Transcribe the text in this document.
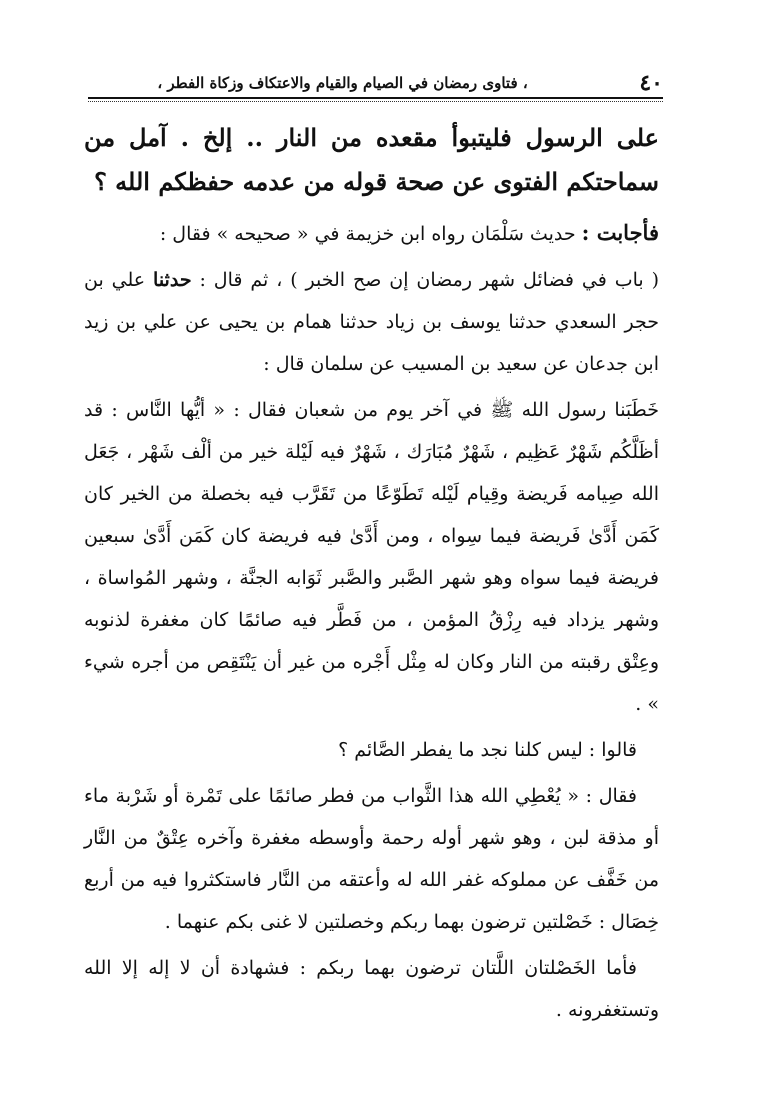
٤٠
، فتاوى رمضان في الصيام والقيام والاعتكاف وزكاة الفطر ،

على الرسول فليتبوأ مقعده من النار .. إلخ . آمل من سماحتكم الفتوى عن صحة قوله من عدمه حفظكم الله ؟

فأجابت : حديث سَلْمَان رواه ابن خزيمة في « صحيحه » فقال :

( باب في فضائل شهر رمضان إن صح الخبر ) ، ثم قال : حدثنا علي بن حجر السعدي حدثنا يوسف بن زياد حدثنا همام بن يحيى عن علي بن زيد ابن جدعان عن سعيد بن المسيب عن سلمان قال :

خَطَبَنا رسول الله ﷺ في آخر يوم من شعبان فقال : « أيُّها النَّاس : قد أظَلَّكُم شَهْرٌ عَظِيم ، شَهْرٌ مُبَارَك ، شَهْرٌ فيه لَيْلة خير من ألْف شَهْر ، جَعَل الله صِيامه فَريضة وقِيام لَيْله تَطَوّعًا من تَقَرَّب فيه بخصلة من الخير كان كَمَن أَدَّىٰ فَريضة فيما سِواه ، ومن أَدَّىٰ فيه فريضة كان كَمَن أَدَّىٰ سبعين فريضة فيما سواه وهو شهر الصَّبر والصَّبر ثَوَابه الجنَّة ، وشهر المُواساة ، وشهر يزداد فيه رِزْقُ المؤمن ، من فَطَّر فيه صائمًا كان مغفرة لذنوبه وعِتْق رقبته من النار وكان له مِثْل أَجْره من غير أن يَنْتَقِص من أجره شيء » .

قالوا : ليس كلنا نجد ما يفطر الصَّائم ؟

فقال : « يُعْطِي الله هذا الثَّواب من فطر صائمًا على تَمْرة أو شَرْبة ماء أو مذقة لبن ، وهو شهر أوله رحمة وأوسطه مغفرة وآخره عِتْقٌ من النَّار من خَفَّف عن مملوكه غفر الله له وأعتقه من النَّار فاستكثروا فيه من أربع خِصَال : خَصْلتين ترضون بهما ربكم وخصلتين لا غنى بكم عنهما .

فأما الخَصْلتان اللَّتان ترضون بهما ربكم : فشهادة أن لا إله إلا الله وتستغفرونه .
